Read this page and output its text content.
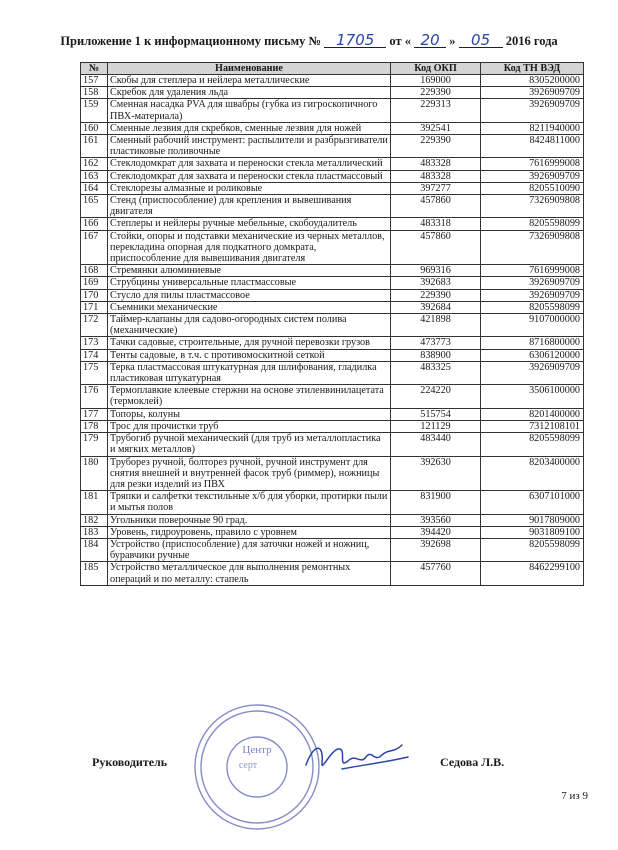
Приложение 1 к информационному письму № 1705 от « 20 » 05 2016 года
№	Наименование	Код ОКП	Код ТН ВЭД
157	Скобы для степлера и нейлера металлические	169000	8305200000
158	Скребок для удаления льда	229390	3926909709
159	Сменная насадка PVA для швабры (губка из гигроскопичного ПВХ-материала)	229313	3926909709
160	Сменные лезвия для скребков, сменные лезвия для ножей	392541	8211940000
161	Сменный рабочий инструмент: распылители и разбрызгиватели пластиковые поливочные	229390	8424811000
162	Стеклодомкрат для захвата и переноски стекла металлический	483328	7616999008
163	Стеклодомкрат для захвата и переноски стекла пластмассовый	483328	3926909709
164	Стеклорезы алмазные и роликовые	397277	8205510090
165	Стенд (приспособление) для крепления и вывешивания двигателя	457860	7326909808
166	Степлеры и нейлеры ручные мебельные, скобоудалитель	483318	8205598099
167	Стойки, опоры и подставки механические из черных металлов, перекладина опорная для подкатного домкрата, приспособление для вывешивания двигателя	457860	7326909808
168	Стремянки алюминиевые	969316	7616999008
169	Струбцины универсальные пластмассовые	392683	3926909709
170	Стусло для пилы пластмассовое	229390	3926909709
171	Съемники механические	392684	8205598099
172	Таймер-клапаны для садово-огородных систем полива (механические)	421898	9107000000
173	Тачки садовые, строительные, для ручной перевозки грузов	473773	8716800000
174	Тенты садовые, в т.ч. с противомоскитной сеткой	838900	6306120000
175	Терка пластмассовая штукатурная для шлифования, гладилка пластиковая штукатурная	483325	3926909709
176	Термоплавкие клеевые стержни на основе этиленвинилацетата (термоклей)	224220	3506100000
177	Топоры, колуны	515754	8201400000
178	Трос для прочистки труб	121129	7312108101
179	Трубогиб ручной механический (для труб из металлопластика и мягких металлов)	483440	8205598099
180	Труборез ручной, болторез ручной, ручной инструмент для снятия внешней и внутренней фасок труб (риммер), ножницы для резки изделий из ПВХ	392630	8203400000
181	Тряпки и салфетки текстильные х/б для уборки, протирки пыли и мытья полов	831900	6307101000
182	Угольники поверочные 90 град.	393560	9017809000
183	Уровень, гидроуровень, правило с уровнем	394420	9031809100
184	Устройство (приспособление) для заточки ножей и ножниц, буравчики ручные	392698	8205598099
185	Устройство металлическое для выполнения ремонтных операций и по металлу: стапель	457760	8462299100
Центр
серт
Руководитель	Седова Л.В.
7 из 9
